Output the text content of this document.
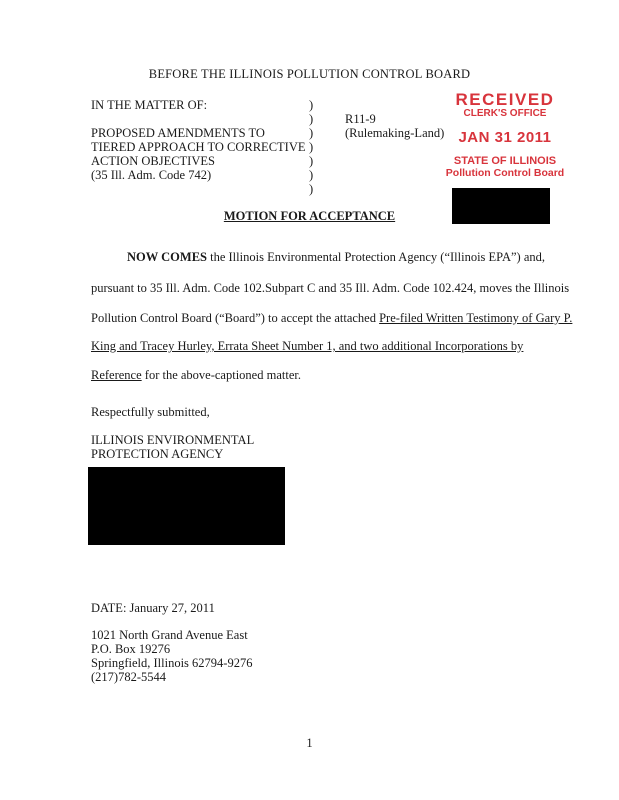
BEFORE THE ILLINOIS POLLUTION CONTROL BOARD
IN THE MATTER OF:
PROPOSED AMENDMENTS TO
TIERED APPROACH TO CORRECTIVE
ACTION OBJECTIVES
(35 Ill. Adm. Code 742)
)
)
)
)
)
)
)
R11-9
(Rulemaking-Land)
RECEIVED
CLERK'S OFFICE
JAN 31 2011
STATE OF ILLINOIS
Pollution Control Board
MOTION FOR ACCEPTANCE
NOW COMES the Illinois Environmental Protection Agency (“Illinois EPA”) and,
pursuant to 35 Ill. Adm. Code 102.Subpart C and 35 Ill. Adm. Code 102.424, moves the Illinois
Pollution Control Board (“Board”) to accept the attached Pre-filed Written Testimony of Gary P.
King and Tracey Hurley, Errata Sheet Number 1, and two additional Incorporations by
Reference for the above-captioned matter.
Respectfully submitted,
ILLINOIS ENVIRONMENTAL
PROTECTION AGENCY
DATE: January 27, 2011
1021 North Grand Avenue East
P.O. Box 19276
Springfield, Illinois 62794-9276
(217)782-5544
1
